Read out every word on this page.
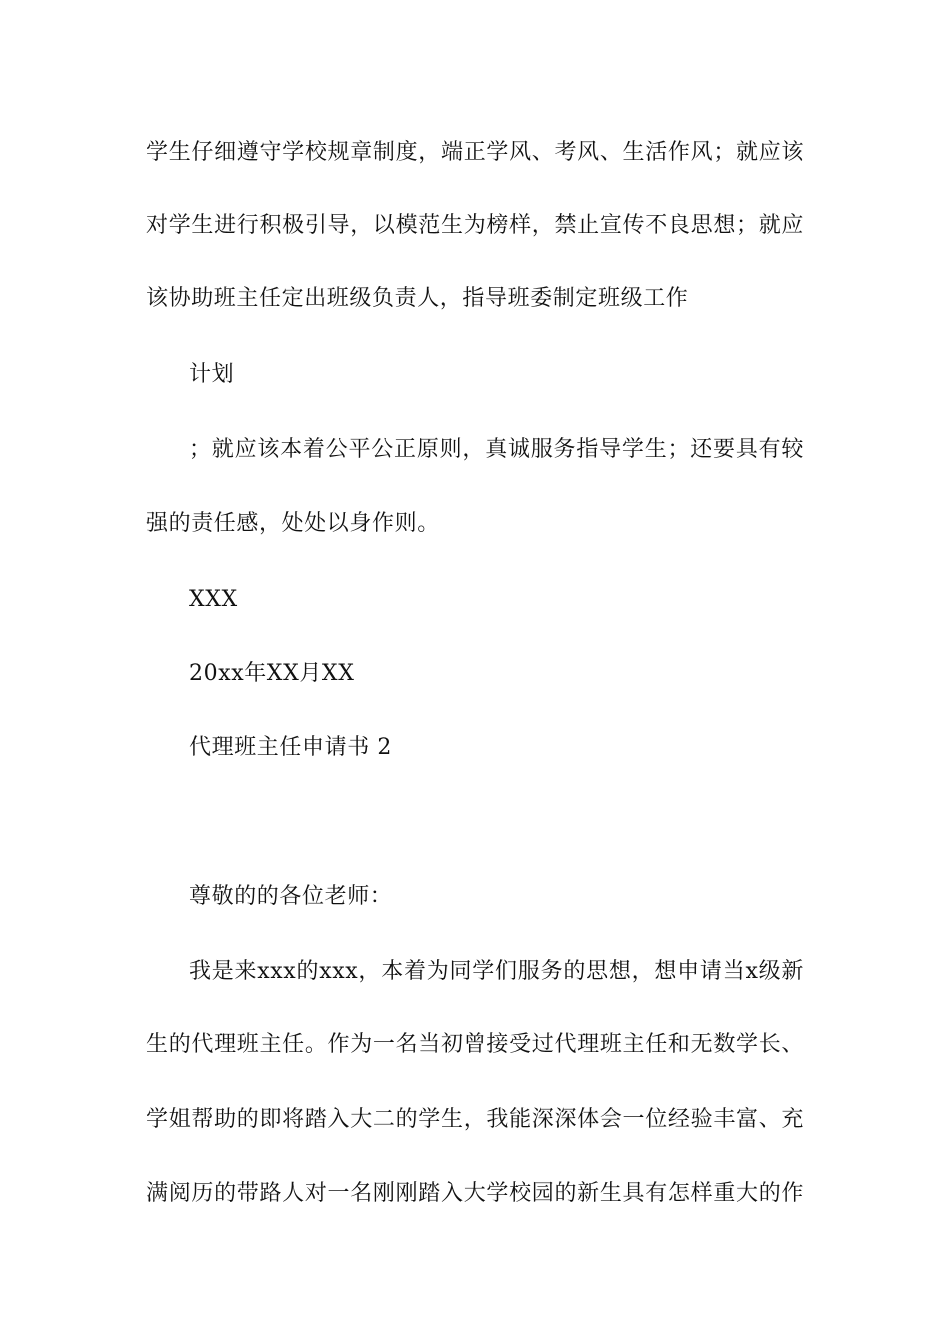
学生仔细遵守学校规章制度，端正学风、考风、生活作风；就应该
对学生进行积极引导，以模范生为榜样，禁止宣传不良思想；就应
该协助班主任定出班级负责人，指导班委制定班级工作
计划
；就应该本着公平公正原则，真诚服务指导学生；还要具有较
强的责任感，处处以身作则。
XXX
20xx年XX月XX
代理班主任申请书 2
尊敬的的各位老师：
我是来xxx的xxx，本着为同学们服务的思想，想申请当x级新
生的代理班主任。作为一名当初曾接受过代理班主任和无数学长、
学姐帮助的即将踏入大二的学生，我能深深体会一位经验丰富、充
满阅历的带路人对一名刚刚踏入大学校园的新生具有怎样重大的作
